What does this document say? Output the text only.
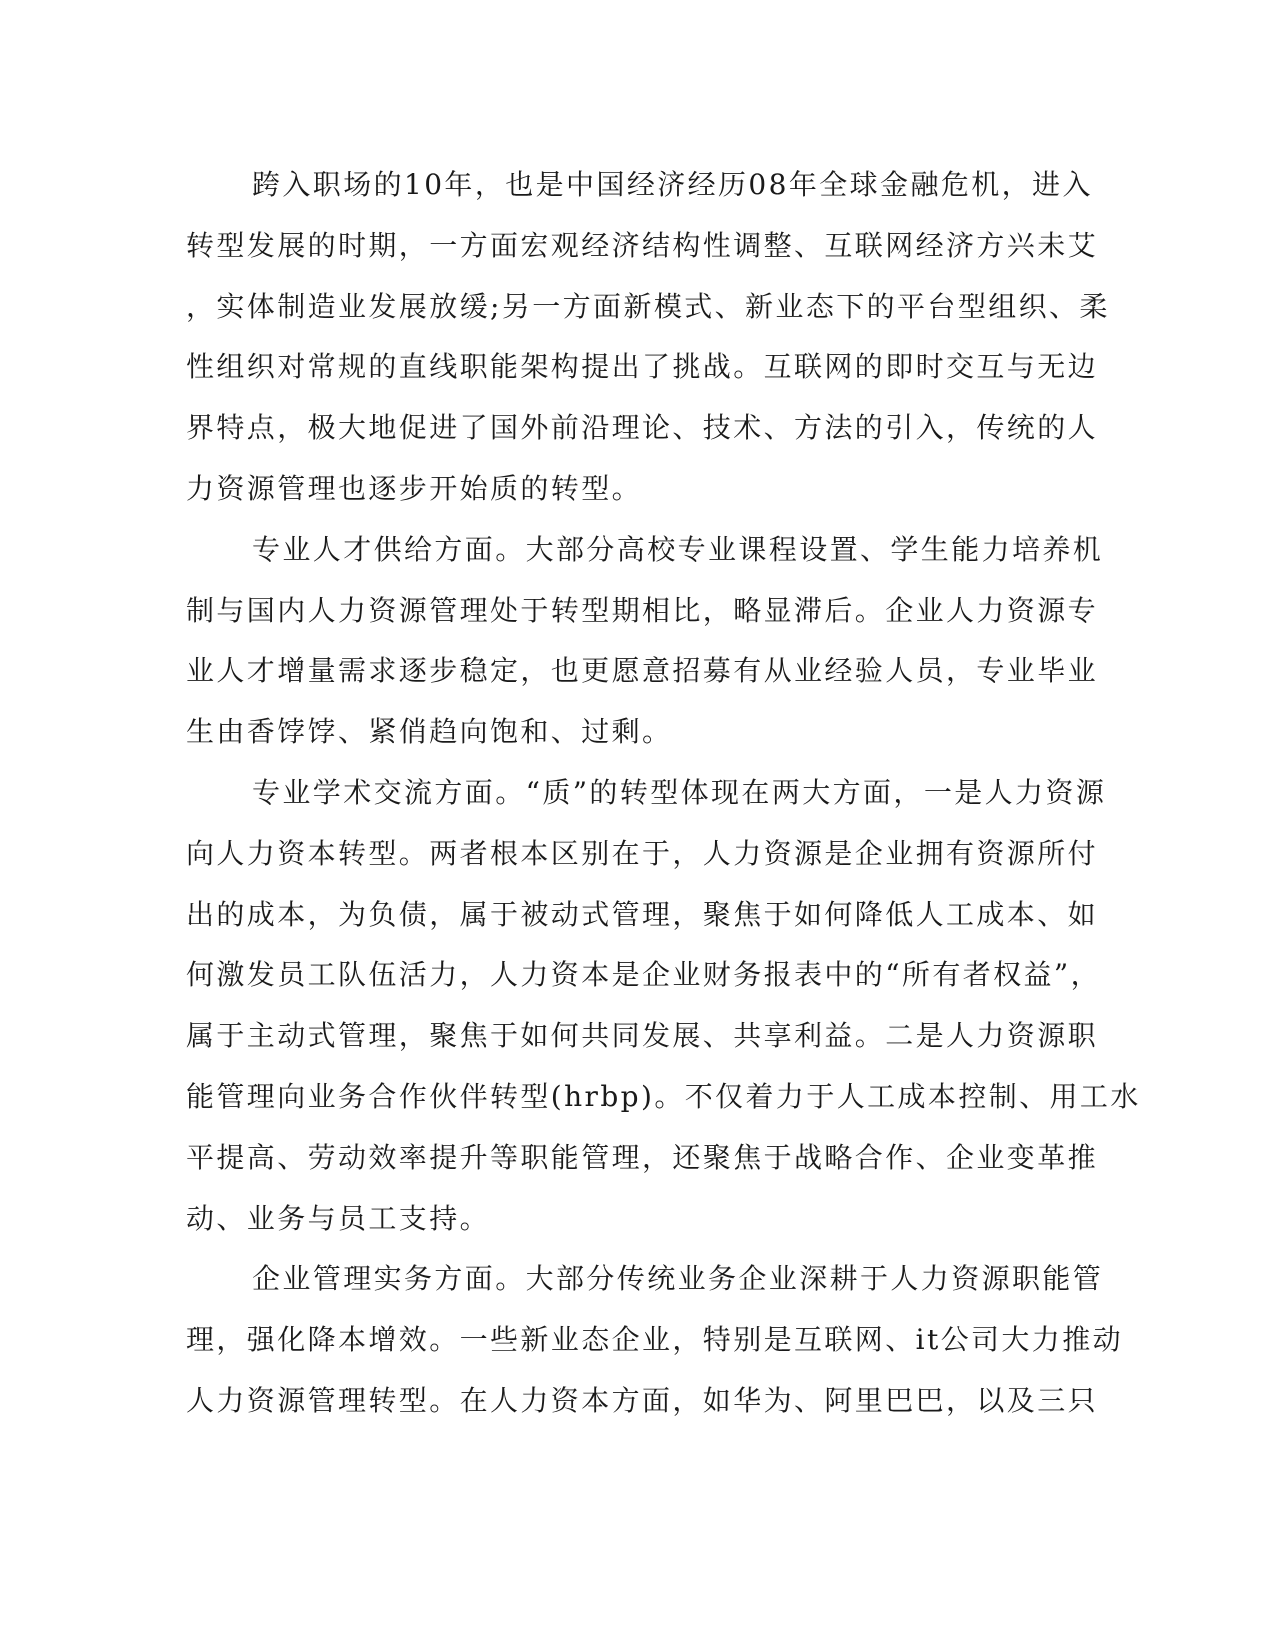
跨入职场的10年，也是中国经济经历08年全球金融危机，进入
转型发展的时期，一方面宏观经济结构性调整、互联网经济方兴未艾
，实体制造业发展放缓;另一方面新模式、新业态下的平台型组织、柔
性组织对常规的直线职能架构提出了挑战。互联网的即时交互与无边
界特点，极大地促进了国外前沿理论、技术、方法的引入，传统的人
力资源管理也逐步开始质的转型。
专业人才供给方面。大部分高校专业课程设置、学生能力培养机
制与国内人力资源管理处于转型期相比，略显滞后。企业人力资源专
业人才增量需求逐步稳定，也更愿意招募有从业经验人员，专业毕业
生由香饽饽、紧俏趋向饱和、过剩。
专业学术交流方面。“质”的转型体现在两大方面，一是人力资源
向人力资本转型。两者根本区别在于，人力资源是企业拥有资源所付
出的成本，为负债，属于被动式管理，聚焦于如何降低人工成本、如
何激发员工队伍活力，人力资本是企业财务报表中的“所有者权益”，
属于主动式管理，聚焦于如何共同发展、共享利益。二是人力资源职
能管理向业务合作伙伴转型(hrbp)。不仅着力于人工成本控制、用工水
平提高、劳动效率提升等职能管理，还聚焦于战略合作、企业变革推
动、业务与员工支持。
企业管理实务方面。大部分传统业务企业深耕于人力资源职能管
理，强化降本增效。一些新业态企业，特别是互联网、it公司大力推动
人力资源管理转型。在人力资本方面，如华为、阿里巴巴，以及三只
